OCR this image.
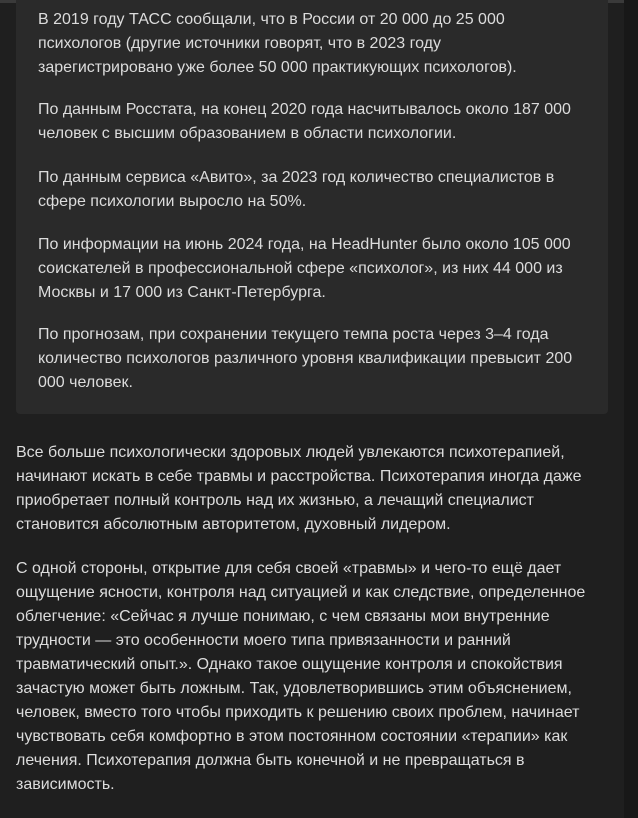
В 2019 году ТАСС сообщали, что в России от 20 000 до 25 000
психологов (другие источники говорят, что в 2023 году
зарегистрировано уже более 50 000 практикующих психологов).
По данным Росстата, на конец 2020 года насчитывалось около 187 000
человек с высшим образованием в области психологии.
По данным сервиса «Авито», за 2023 год количество специалистов в
сфере психологии выросло на 50%.
По информации на июнь 2024 года, на HeadHunter было около 105 000
соискателей в профессиональной сфере «психолог», из них 44 000 из
Москвы и 17 000 из Санкт-Петербурга.
По прогнозам, при сохранении текущего темпа роста через 3–4 года
количество психологов различного уровня квалификации превысит 200
000 человек.
Все больше психологически здоровых людей увлекаются психотерапией,
начинают искать в себе травмы и расстройства. Психотерапия иногда даже
приобретает полный контроль над их жизнью, а лечащий специалист
становится абсолютным авторитетом, духовный лидером.
С одной стороны, открытие для себя своей «травмы» и чего-то ещё дает
ощущение ясности, контроля над ситуацией и как следствие, определенное
облегчение: «Сейчас я лучше понимаю, с чем связаны мои внутренние
трудности — это особенности моего типа привязанности и ранний
травматический опыт.». Однако такое ощущение контроля и спокойствия
зачастую может быть ложным. Так, удовлетворившись этим объяснением,
человек, вместо того чтобы приходить к решению своих проблем, начинает
чувствовать себя комфортно в этом постоянном состоянии «терапии» как
лечения. Психотерапия должна быть конечной и не превращаться в
зависимость.
